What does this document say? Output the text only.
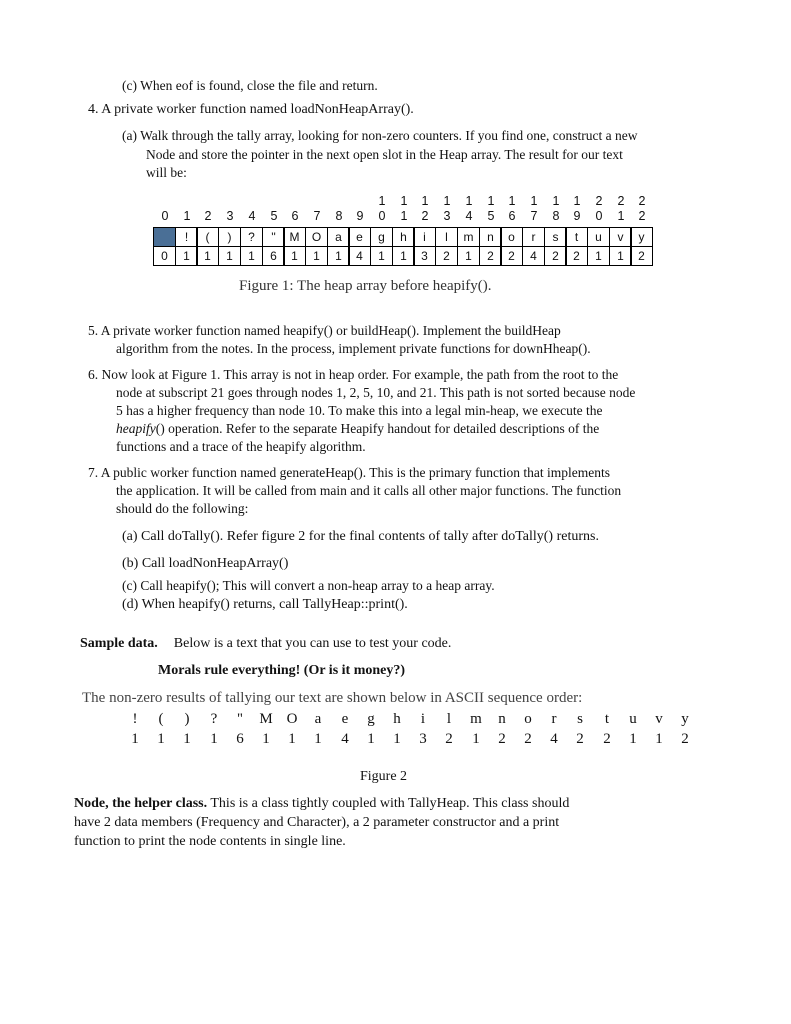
(c) When eof is found, close the file and return.
4. A private worker function named loadNonHeapArray().
(a) Walk through the tally array, looking for non-zero counters. If you find one, construct a new
Node and store the pointer in the next open slot in the Heap array. The result for our text
will be:
0
0
1
!
1
2
(
1
3
)
1
4
?
1
5
''
6
6
M
1
7
O
1
8
a
1
9
e
4
1
0
g
1
1
1
h
1
1
2
i
3
1
3
l
2
1
4
m
1
1
5
n
2
1
6
o
2
1
7
r
4
1
8
s
2
1
9
t
2
2
0
u
1
2
1
v
1
2
2
y
2
Figure 1: The heap array before heapify().
5. A private worker function named heapify() or buildHeap(). Implement the buildHeap
algorithm from the notes. In the process, implement private functions for downHheap().
6. Now look at Figure 1. This array is not in heap order. For example, the path from the root to the
node at subscript 21 goes through nodes 1, 2, 5, 10, and 21. This path is not sorted because node
5 has a higher frequency than node 10. To make this into a legal min-heap, we execute the
heapify() operation. Refer to the separate Heapify handout for detailed descriptions of the
functions and a trace of the heapify algorithm.
7. A public worker function named generateHeap(). This is the primary function that implements
the application. It will be called from main and it calls all other major functions. The function
should do the following:
(a) Call doTally(). Refer figure 2 for the final contents of tally after doTally() returns.
(b) Call loadNonHeapArray()
(c) Call heapify(); This will convert a non-heap array to a heap array.
(d) When heapify() returns, call TallyHeap::print().
Sample data. Below is a text that you can use to test your code.
Morals rule everything! (Or is it money?)
The non-zero results of tallying our text are shown below in ASCII sequence order:
!
1
(
1
)
1
?
1
''
6
M
1
O
1
a
1
e
4
g
1
h
1
i
3
l
2
m
1
n
2
o
2
r
4
s
2
t
2
u
1
v
1
y
2
Figure 2
Node, the helper class. This is a class tightly coupled with TallyHeap. This class should
have 2 data members (Frequency and Character), a 2 parameter constructor and a print
function to print the node contents in single line.
